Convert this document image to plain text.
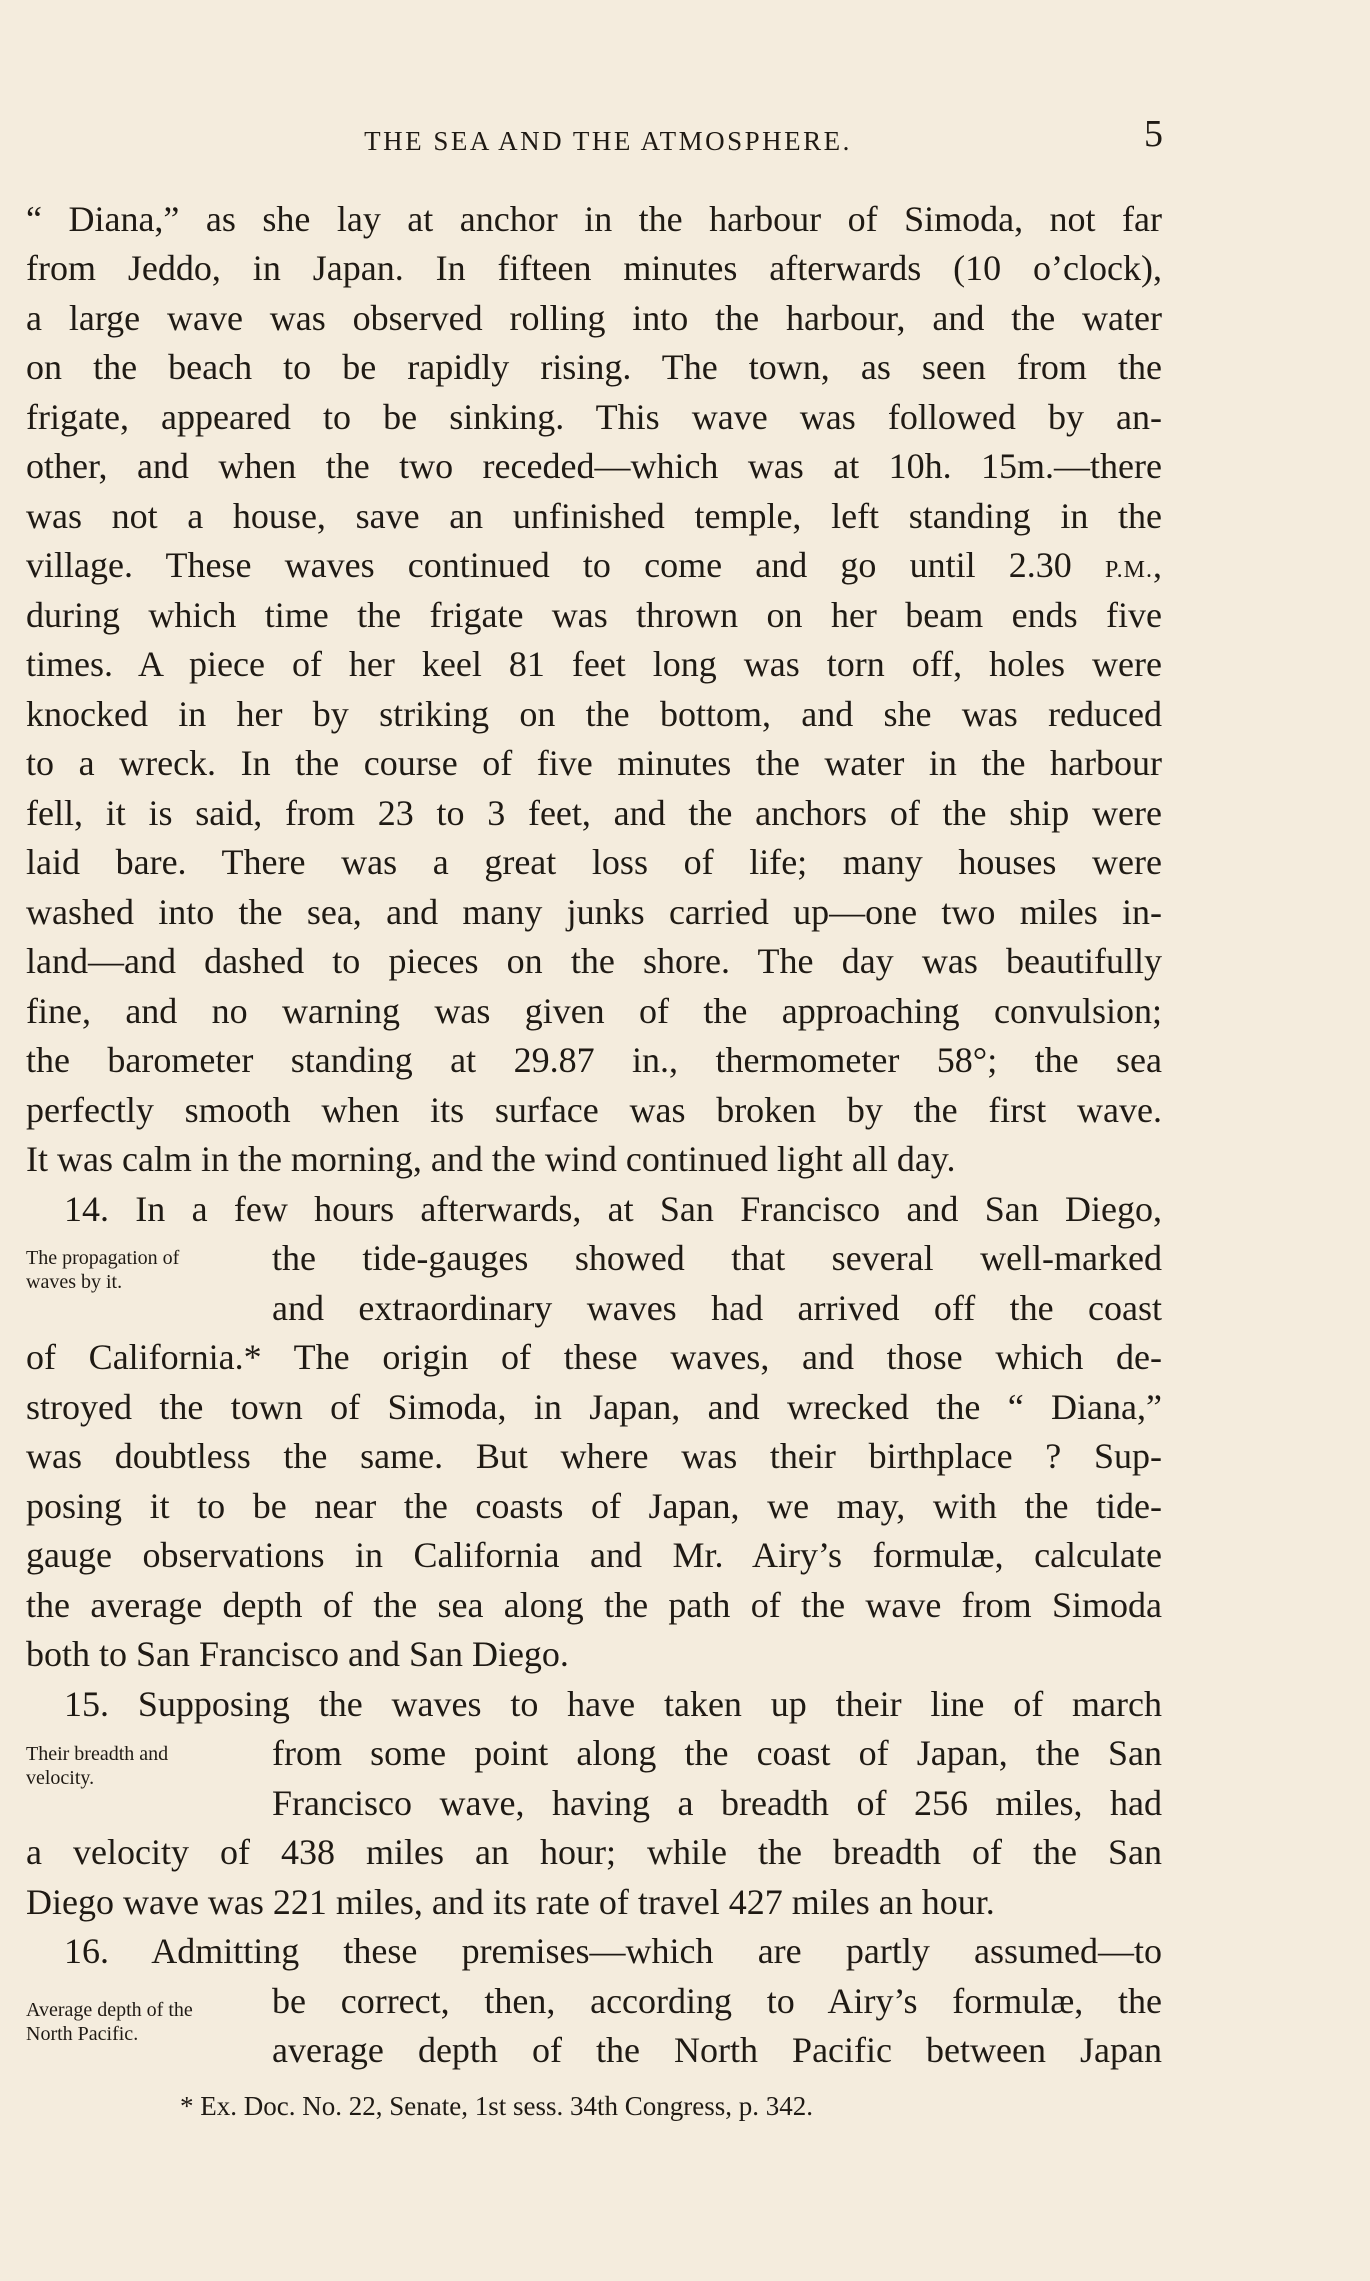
THE SEA AND THE ATMOSPHERE.	5
“ Diana,” as she lay at anchor in the harbour of Simoda, not far
from Jeddo, in Japan. In fifteen minutes afterwards (10 o’clock),
a large wave was observed rolling into the harbour, and the water
on the beach to be rapidly rising. The town, as seen from the
frigate, appeared to be sinking. This wave was followed by an-
other, and when the two receded—which was at 10h. 15m.—there
was not a house, save an unfinished temple, left standing in the
village. These waves continued to come and go until 2.30 P.M.,
during which time the frigate was thrown on her beam ends five
times. A piece of her keel 81 feet long was torn off, holes were
knocked in her by striking on the bottom, and she was reduced
to a wreck. In the course of five minutes the water in the harbour
fell, it is said, from 23 to 3 feet, and the anchors of the ship were
laid bare. There was a great loss of life; many houses were
washed into the sea, and many junks carried up—one two miles in-
land—and dashed to pieces on the shore. The day was beautifully
fine, and no warning was given of the approaching convulsion;
the barometer standing at 29.87 in., thermometer 58°; the sea
perfectly smooth when its surface was broken by the first wave.
It was calm in the morning, and the wind continued light all day.
14. In a few hours afterwards, at San Francisco and San Diego,
The propagation of
waves by it.
the tide-gauges showed that several well-marked
and extraordinary waves had arrived off the coast
of California.* The origin of these waves, and those which de-
stroyed the town of Simoda, in Japan, and wrecked the “ Diana,”
was doubtless the same. But where was their birthplace ? Sup-
posing it to be near the coasts of Japan, we may, with the tide-
gauge observations in California and Mr. Airy’s formulæ, calculate
the average depth of the sea along the path of the wave from Simoda
both to San Francisco and San Diego.
15. Supposing the waves to have taken up their line of march
Their breadth and
velocity.
from some point along the coast of Japan, the San
Francisco wave, having a breadth of 256 miles, had
a velocity of 438 miles an hour; while the breadth of the San
Diego wave was 221 miles, and its rate of travel 427 miles an hour.
16. Admitting these premises—which are partly assumed—to
Average depth of the
North Pacific.
be correct, then, according to Airy’s formulæ, the
average depth of the North Pacific between Japan
* Ex. Doc. No. 22, Senate, 1st sess. 34th Congress, p. 342.
